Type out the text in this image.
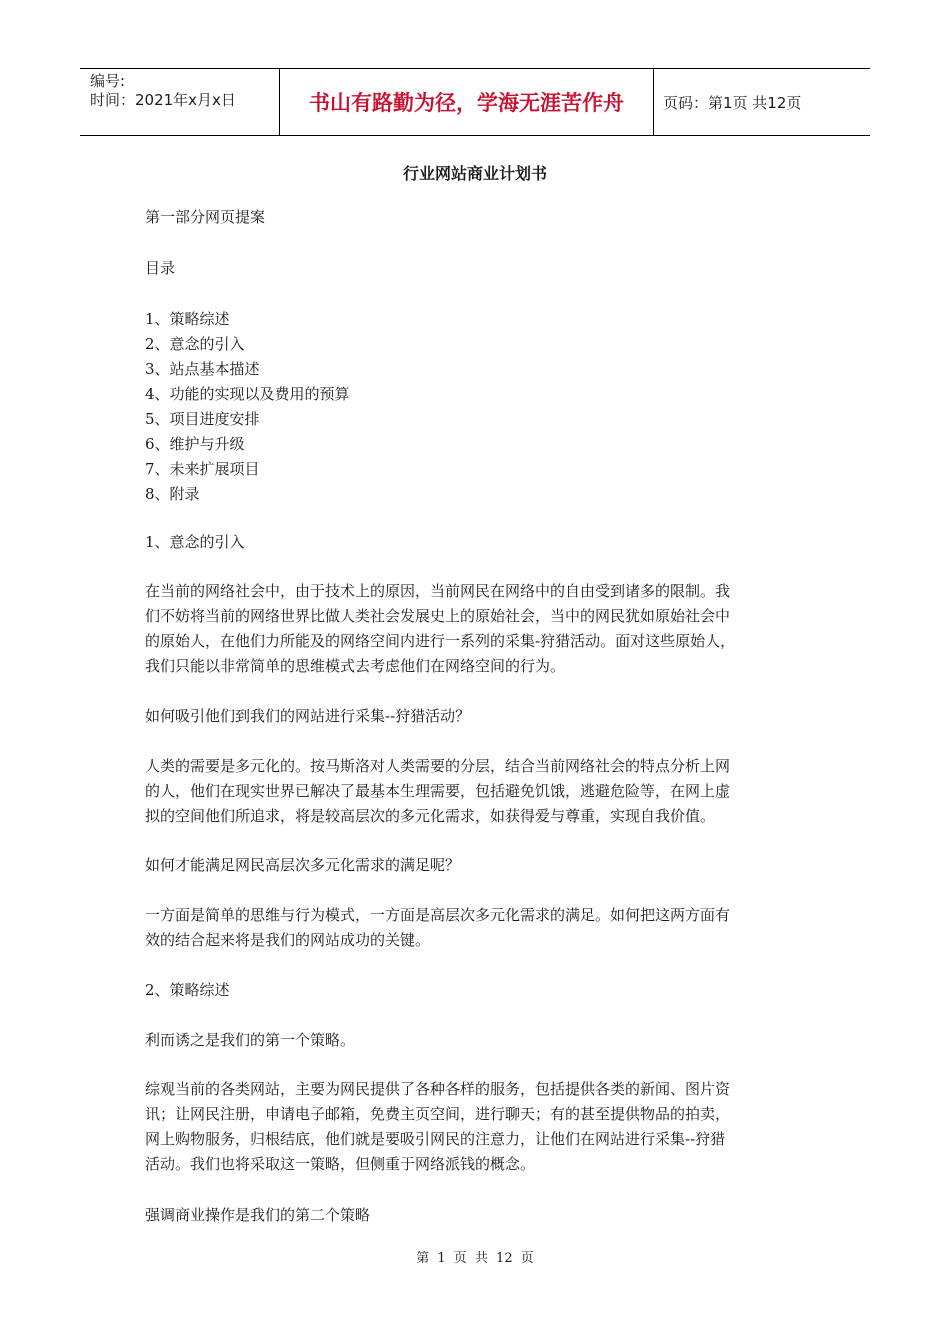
编号:
时间：2021年x月x日	书山有路勤为径，学海无涯苦作舟	页码：第1页 共12页
行业网站商业计划书
第一部分网页提案
目录
1、策略综述
2、意念的引入
3、站点基本描述
4、功能的实现以及费用的预算
5、项目进度安排
6、维护与升级
7、未来扩展项目
8、附录
1、意念的引入
在当前的网络社会中，由于技术上的原因，当前网民在网络中的自由受到诸多的限制。我
们不妨将当前的网络世界比做人类社会发展史上的原始社会，当中的网民犹如原始社会中
的原始人，在他们力所能及的网络空间内进行一系列的采集-狩猎活动。面对这些原始人，
我们只能以非常简单的思维模式去考虑他们在网络空间的行为。
如何吸引他们到我们的网站进行采集--狩猎活动？
人类的需要是多元化的。按马斯洛对人类需要的分层，结合当前网络社会的特点分析上网
的人，他们在现实世界已解决了最基本生理需要，包括避免饥饿，逃避危险等，在网上虚
拟的空间他们所追求，将是较高层次的多元化需求，如获得爱与尊重，实现自我价值。
如何才能满足网民高层次多元化需求的满足呢？
一方面是简单的思维与行为模式，一方面是高层次多元化需求的满足。如何把这两方面有
效的结合起来将是我们的网站成功的关键。
2、策略综述
利而诱之是我们的第一个策略。
综观当前的各类网站，主要为网民提供了各种各样的服务，包括提供各类的新闻、图片资
讯；让网民注册，申请电子邮箱，免费主页空间，进行聊天；有的甚至提供物品的拍卖，
网上购物服务，归根结底，他们就是要吸引网民的注意力，让他们在网站进行采集--狩猎
活动。我们也将采取这一策略，但侧重于网络派钱的概念。
强调商业操作是我们的第二个策略
第 1 页 共 12 页
